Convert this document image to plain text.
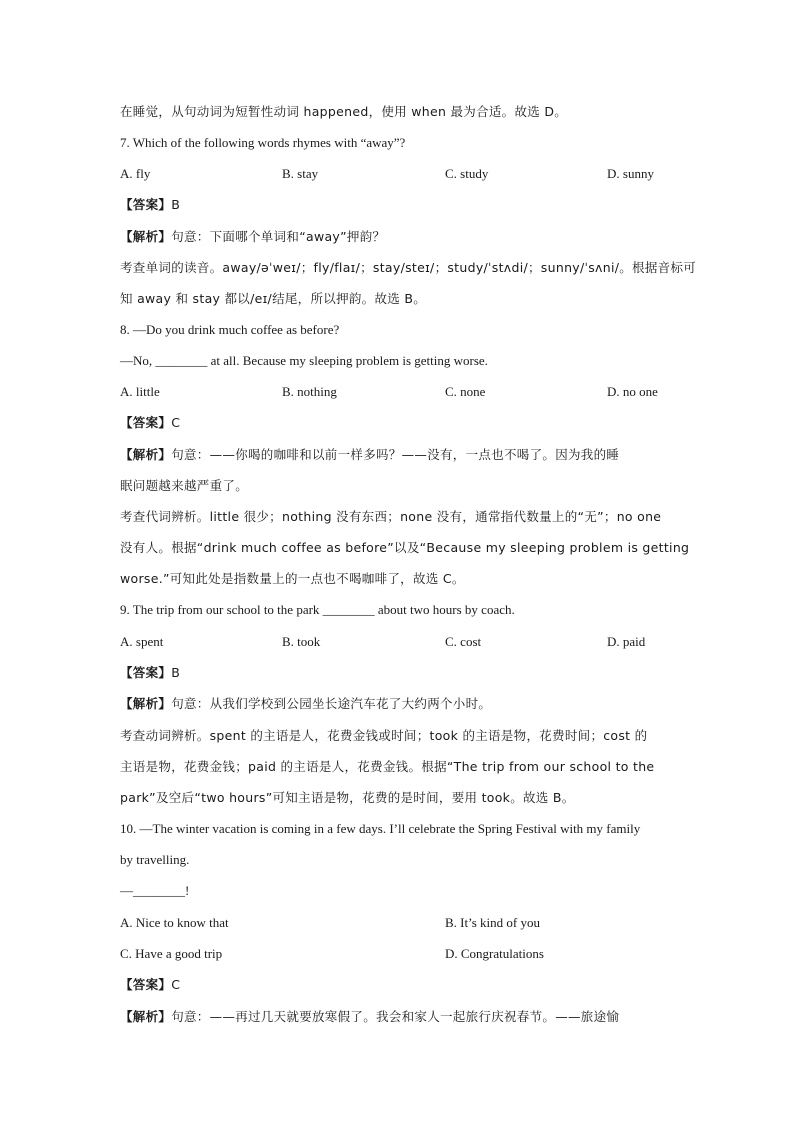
在睡觉，从句动词为短暂性动词 happened，使用 when 最为合适。故选 D。
7. Which of the following words rhymes with “away”?
A. fly	B. stay	C. study	D. sunny
【答案】B
【解析】句意：下面哪个单词和“away”押韵？
考查单词的读音。away/əˈweɪ/；fly/flaɪ/；stay/steɪ/；study/ˈstʌdi/；sunny/ˈsʌni/。根据音标可
知 away 和 stay 都以/eɪ/结尾，所以押韵。故选 B。
8. —Do you drink much coffee as before?
—No, ________ at all. Because my sleeping problem is getting worse.
A. little	B. nothing	C. none	D. no one
【答案】C
【解析】句意：——你喝的咖啡和以前一样多吗？——没有，一点也不喝了。因为我的睡
眠问题越来越严重了。
考查代词辨析。little 很少；nothing 没有东西；none 没有，通常指代数量上的“无”；no one
没有人。根据“drink much coffee as before”以及“Because my sleeping problem is getting
worse.”可知此处是指数量上的一点也不喝咖啡了，故选 C。
9. The trip from our school to the park ________ about two hours by coach.
A. spent	B. took	C. cost	D. paid
【答案】B
【解析】句意：从我们学校到公园坐长途汽车花了大约两个小时。
考查动词辨析。spent 的主语是人，花费金钱或时间；took 的主语是物，花费时间；cost 的
主语是物，花费金钱；paid 的主语是人，花费金钱。根据“The trip from our school to the
park”及空后“two hours”可知主语是物，花费的是时间，要用 took。故选 B。
10. —The winter vacation is coming in a few days. I’ll celebrate the Spring Festival with my family
by travelling.
—________!
A. Nice to know that	B. It’s kind of you
C. Have a good trip	D. Congratulations
【答案】C
【解析】句意：——再过几天就要放寒假了。我会和家人一起旅行庆祝春节。——旅途愉
